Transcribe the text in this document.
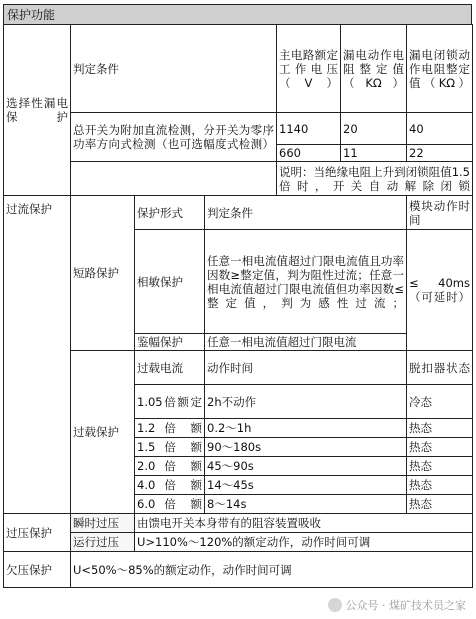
保护功能
选择性漏电保护	判定条件			主电路额定工作电压（V）	漏电动作电阻整定值（KΩ）	漏电闭锁动作电阻整定值（KΩ）
	总开关为附加直流检测，分开关为零序功率方向式检测（也可选幅度式检测）			1140	20	40
				660	11	22
				说明：当绝缘电阻上升到闭锁阻值1.5倍时，开关自动解除闭锁		
过流保护	短路保护	保护形式	判定条件			模块动作时间
		相敏保护	任意一相电流值超过门限电流值且功率因数≥整定值，判为阻性过流；任意一相电流值超过门限电流值但功率因数≤整定值，判为感性过流；			≤ 40ms（可延时）
		鉴幅保护	任意一相电流值超过门限电流			

	过载保护	过载电流	动作时间			脱扣器状态
		1.05倍额定	2h不动作			冷态
		1.2 倍 额	0.2～1h			热态
		1.5 倍 额	90～180s			热态
		2.0 倍 额	45～90s			热态
		4.0 倍 额	14～45s			热态
		6.0 倍 额	8～14s			热态
过压保护	瞬时过压	由馈电开关本身带有的阻容装置吸收				
	运行过压	U>110%～120%的额定动作，动作时间可调				
欠压保护	U<50%～85%的额定动作，动作时间可调					
公众号 · 煤矿技术员之家
